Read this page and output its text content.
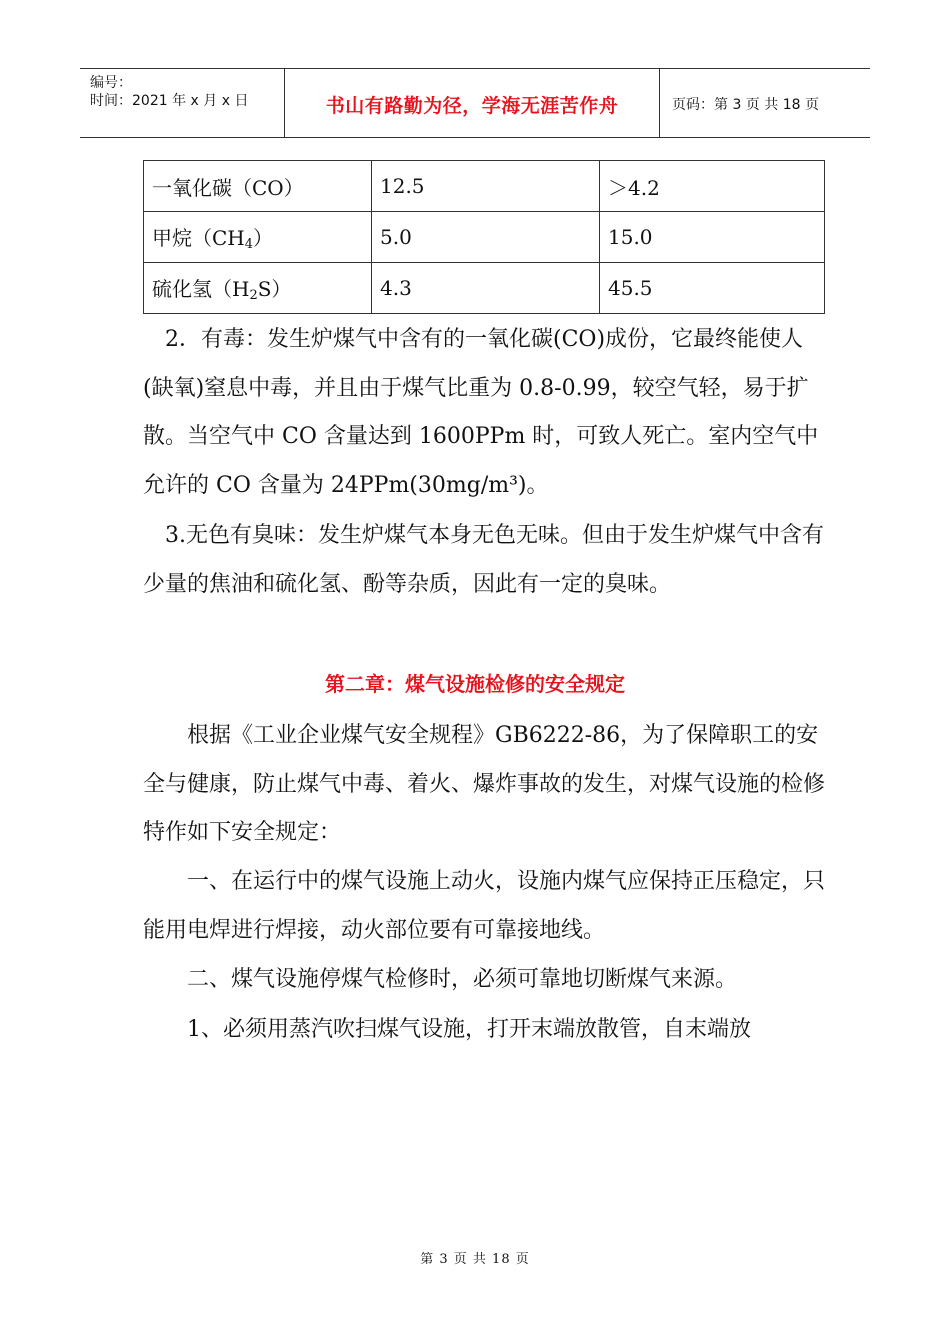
编号：
时间：2021 年 x 月 x 日	书山有路勤为径，学海无涯苦作舟	页码：第 3 页 共 18 页
一氧化碳（CO）	12.5	＞4.2
甲烷$(CH_4)$	5.0	15.0
硫化氢$(H_2S)$	4.3	45.5
2．有毒：发生炉煤气中含有的一氧化碳(CO)成份，它最终能使人(缺氧)窒息中毒，并且由于煤气比重为 0.8-0.99，较空气轻，易于扩散。当空气中 CO 含量达到 1600PPm 时，可致人死亡。室内空气中允许的 CO 含量为 24PPm(30mg/m³)。
3.无色有臭味：发生炉煤气本身无色无味。但由于发生炉煤气中含有少量的焦油和硫化氢、酚等杂质，因此有一定的臭味。
第二章：煤气设施检修的安全规定
根据《工业企业煤气安全规程》GB6222-86，为了保障职工的安全与健康，防止煤气中毒、着火、爆炸事故的发生，对煤气设施的检修特作如下安全规定：
一、在运行中的煤气设施上动火，设施内煤气应保持正压稳定，只能用电焊进行焊接，动火部位要有可靠接地线。
二、煤气设施停煤气检修时，必须可靠地切断煤气来源。
1、必须用蒸汽吹扫煤气设施，打开末端放散管，自末端放
第 3 页 共 18 页
